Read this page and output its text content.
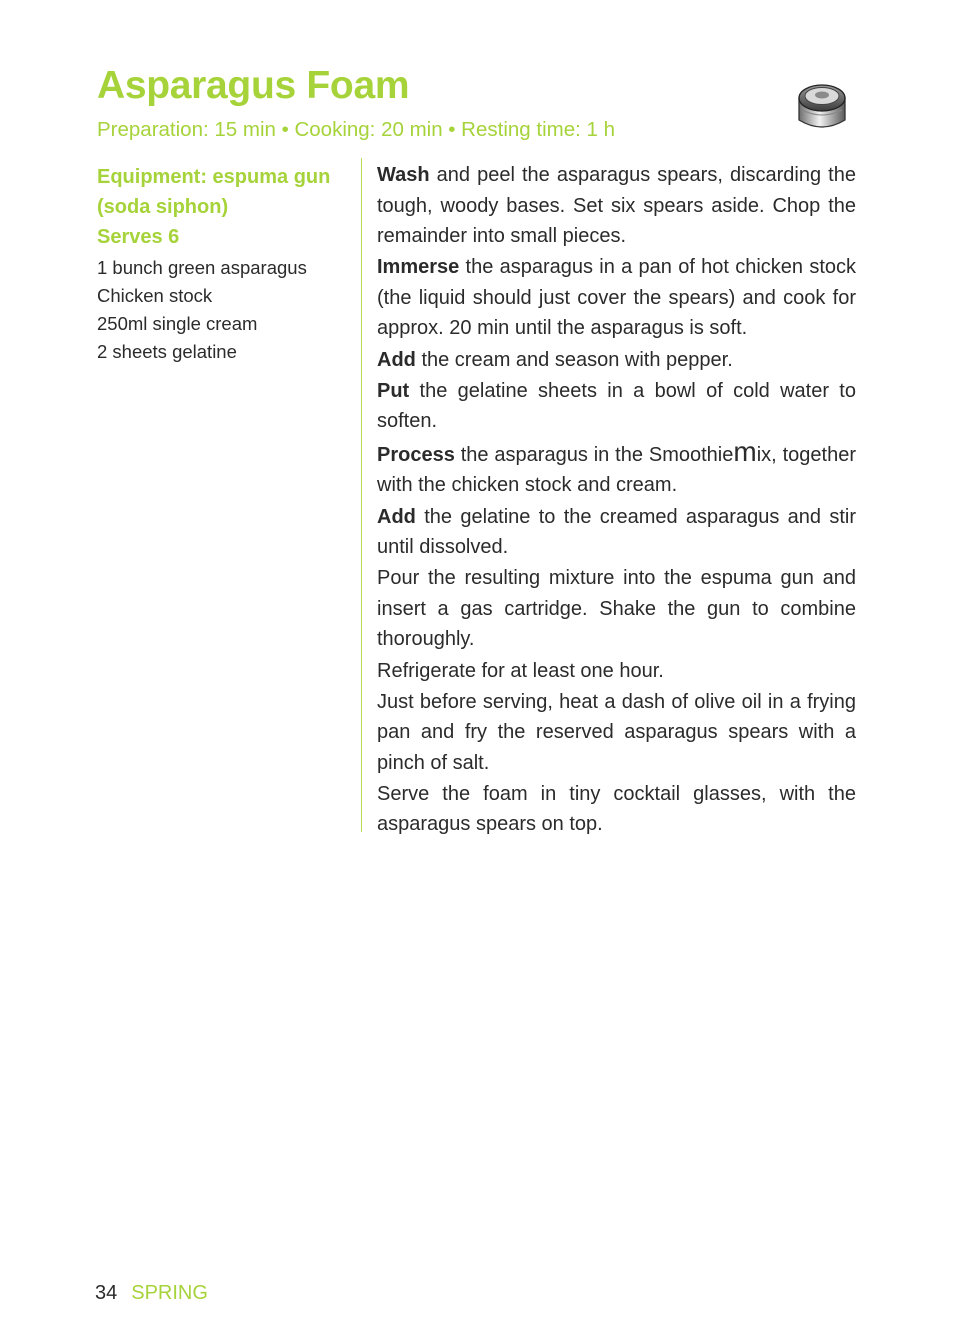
Asparagus Foam
Preparation: 15 min • Cooking: 20 min • Resting time: 1 h
Equipment: espuma gun
(soda siphon)
Serves 6
1 bunch green asparagus
Chicken stock
250ml single cream
2 sheets gelatine

Wash and peel the asparagus spears, discarding the tough, woody bases. Set six spears aside. Chop the remainder into small pieces.

Immerse the asparagus in a pan of hot chicken stock (the liquid should just cover the spears) and cook for approx. 20 min until the asparagus is soft.

Add the cream and season with pepper.

Put the gelatine sheets in a bowl of cold water to soften.

Process the asparagus in the Smoothiemix, together with the chicken stock and cream.

Add the gelatine to the creamed asparagus and stir until dissolved.

Pour the resulting mixture into the espuma gun and insert a gas cartridge. Shake the gun to combine thoroughly.

Refrigerate for at least one hour.

Just before serving, heat a dash of olive oil in a frying pan and fry the reserved asparagus spears with a pinch of salt.

Serve the foam in tiny cocktail glasses, with the asparagus spears on top.

34 SPRING
